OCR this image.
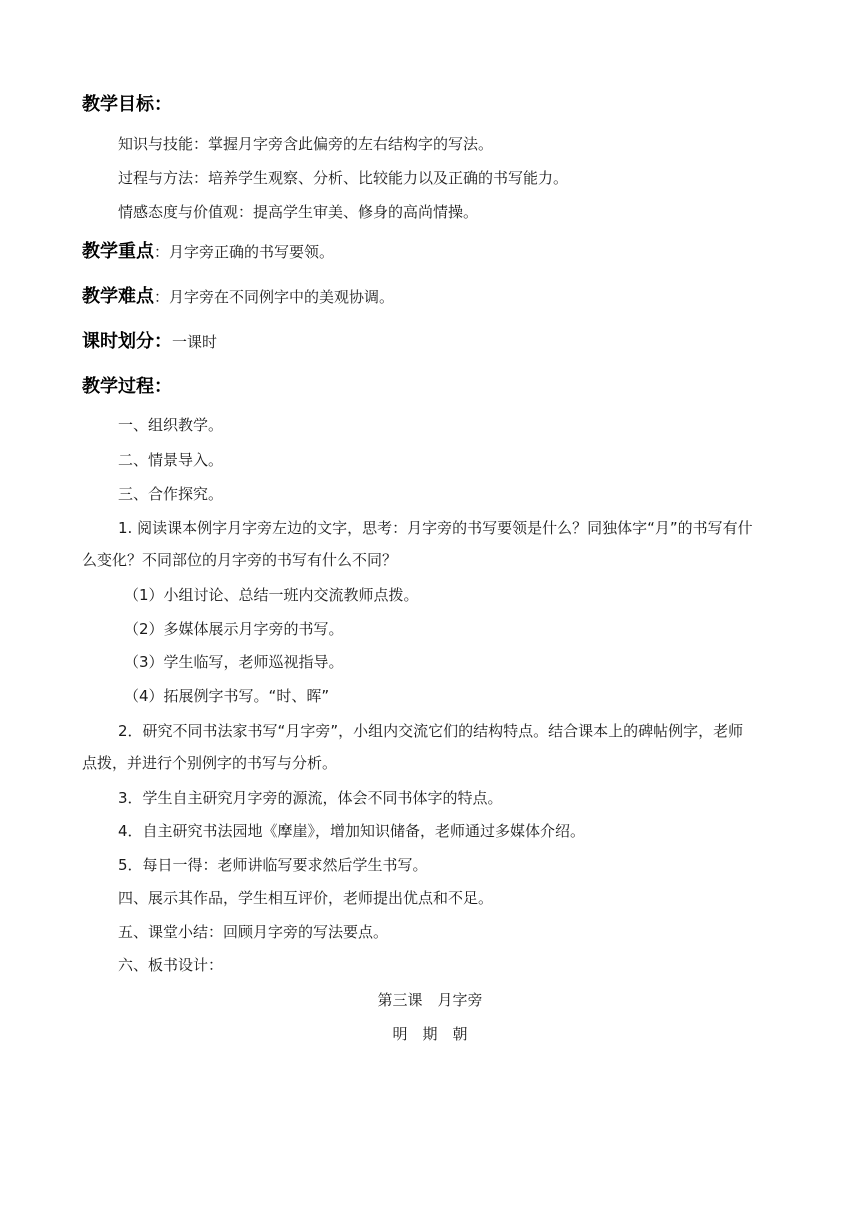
教学目标：
知识与技能：掌握月字旁含此偏旁的左右结构字的写法。
过程与方法：培养学生观察、分析、比较能力以及正确的书写能力。
情感态度与价值观：提高学生审美、修身的高尚情操。
教学重点：月字旁正确的书写要领。
教学难点：月字旁在不同例字中的美观协调。
课时划分：一课时
教学过程：
一、组织教学。
二、情景导入。
三、合作探究。
1. 阅读课本例字月字旁左边的文字，思考：月字旁的书写要领是什么？同独体字“月”的书写有什么变化？不同部位的月字旁的书写有什么不同？
（1）小组讨论、总结一班内交流教师点拨。
（2）多媒体展示月字旁的书写。
（3）学生临写，老师巡视指导。
（4）拓展例字书写。“时、晖”
2．研究不同书法家书写“月字旁”，小组内交流它们的结构特点。结合课本上的碑帖例字，老师点拨，并进行个别例字的书写与分析。
3．学生自主研究月字旁的源流，体会不同书体字的特点。
4．自主研究书法园地《摩崖》，增加知识储备，老师通过多媒体介绍。
5．每日一得：老师讲临写要求然后学生书写。
四、展示其作品，学生相互评价，老师提出优点和不足。
五、课堂小结：回顾月字旁的写法要点。
六、板书设计：
第三课　月字旁
明　期　朝
